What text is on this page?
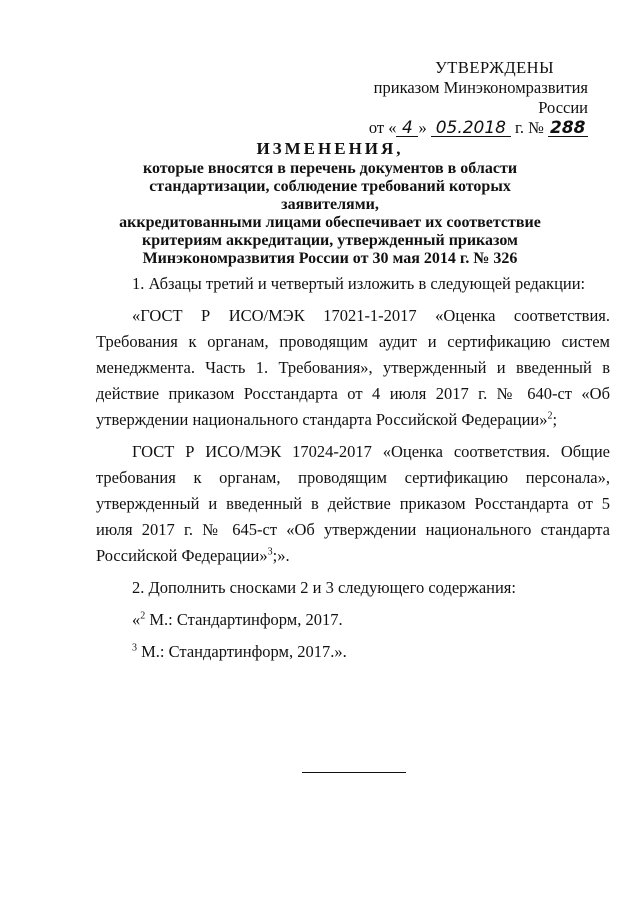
УТВЕРЖДЕНЫ
приказом Минэкономразвития России
от « 4 » 05.2018 г. № 288
ИЗМЕНЕНИЯ,
которые вносятся в перечень документов в области
стандартизации, соблюдение требований которых заявителями,
аккредитованными лицами обеспечивает их соответствие
критериям аккредитации, утвержденный приказом
Минэкономразвития России от 30 мая 2014 г. № 326

1. Абзацы третий и четвертый изложить в следующей редакции:

«ГОСТ Р ИСО/МЭК 17021-1-2017 «Оценка соответствия. Требования к органам, проводящим аудит и сертификацию систем менеджмента. Часть 1. Требования», утвержденный и введенный в действие приказом Росстандарта от 4 июля 2017 г. № 640-ст «Об утверждении национального стандарта Российской Федерации»$^2$;

ГОСТ Р ИСО/МЭК 17024-2017 «Оценка соответствия. Общие требования к органам, проводящим сертификацию персонала», утвержденный и введенный в действие приказом Росстандарта от 5 июля 2017 г. № 645-ст «Об утверждении национального стандарта Российской Федерации»$^3$;».

2. Дополнить сносками 2 и 3 следующего содержания:

«$^2$ М.: Стандартинформ, 2017.

$^3$ М.: Стандартинформ, 2017.».
